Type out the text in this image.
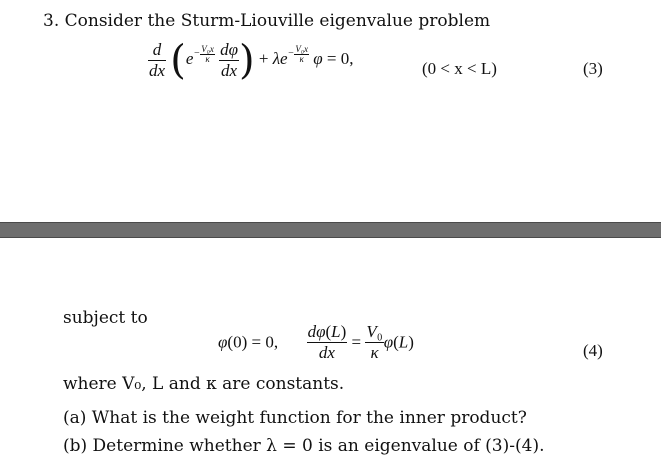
3. Consider the Sturm-Liouville eigenvalue problem
$\frac{d}{dx} (e^{- \frac{\text{V₀x}}{\kappa}}$
$\frac{d\varphi}{dx}$ ) + $\lambda e^{- \frac{\text{V₀x}}{\kappa}}$ φ = 0,
(0 < x < L)	(3)
subject to
φ(0) = 0, $\frac{d\varphi(L)}{dx} = \frac{\text{V₀}}{\kappa} \varphi(L)$	(4)
where V₀, L and κ are constants.
(a) What is the weight function for the inner product?
(b) Determine whether λ = 0 is an eigenvalue of (3)-(4).
